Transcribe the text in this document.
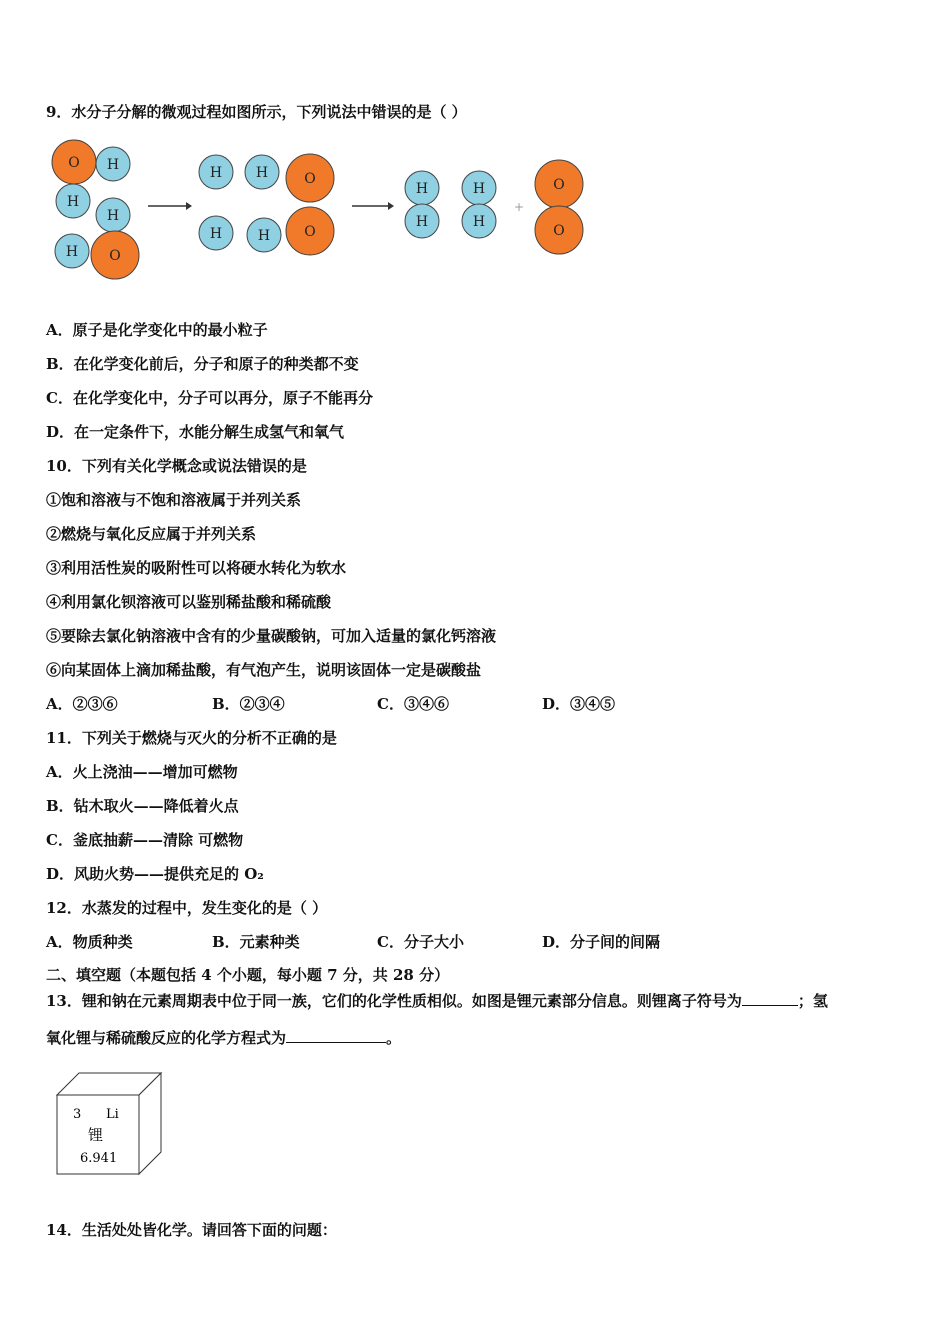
9．水分子分解的微观过程如图所示，下列说法中错误的是（ ）
O H
H
H
H O
H H	O
H	H O
H
H
H
H
+
O
O
A．原子是化学变化中的最小粒子
B．在化学变化前后，分子和原子的种类都不变
C．在化学变化中，分子可以再分，原子不能再分
D．在一定条件下，水能分解生成氢气和氧气
10．下列有关化学概念或说法错误的是
①饱和溶液与不饱和溶液属于并列关系
②燃烧与氧化反应属于并列关系
③利用活性炭的吸附性可以将硬水转化为软水
④利用氯化钡溶液可以鉴别稀盐酸和稀硫酸
⑤要除去氯化钠溶液中含有的少量碳酸钠，可加入适量的氯化钙溶液
⑥向某固体上滴加稀盐酸，有气泡产生，说明该固体一定是碳酸盐
A．②③⑥	B．②③④	C．③④⑥	D．③④⑤
11．下列关于燃烧与灭火的分析不正确的是
A．火上浇油——增加可燃物
B．钻木取火——降低着火点
C．釜底抽薪——清除 可燃物
D．风助火势——提供充足的 O₂
12．水蒸发的过程中，发生变化的是（ ）
A．物质种类	B．元素种类	C．分子大小	D．分子间的间隔
二、填空题（本题包括 4 个小题，每小题 7 分，共 28 分）
13．锂和钠在元素周期表中位于同一族，它们的化学性质相似。如图是锂元素部分信息。则锂离子符号为	；氢
氧化锂与稀硫酸反应的化学方程式为	。
3 Li
锂
6.941
14．生活处处皆化学。请回答下面的问题：
